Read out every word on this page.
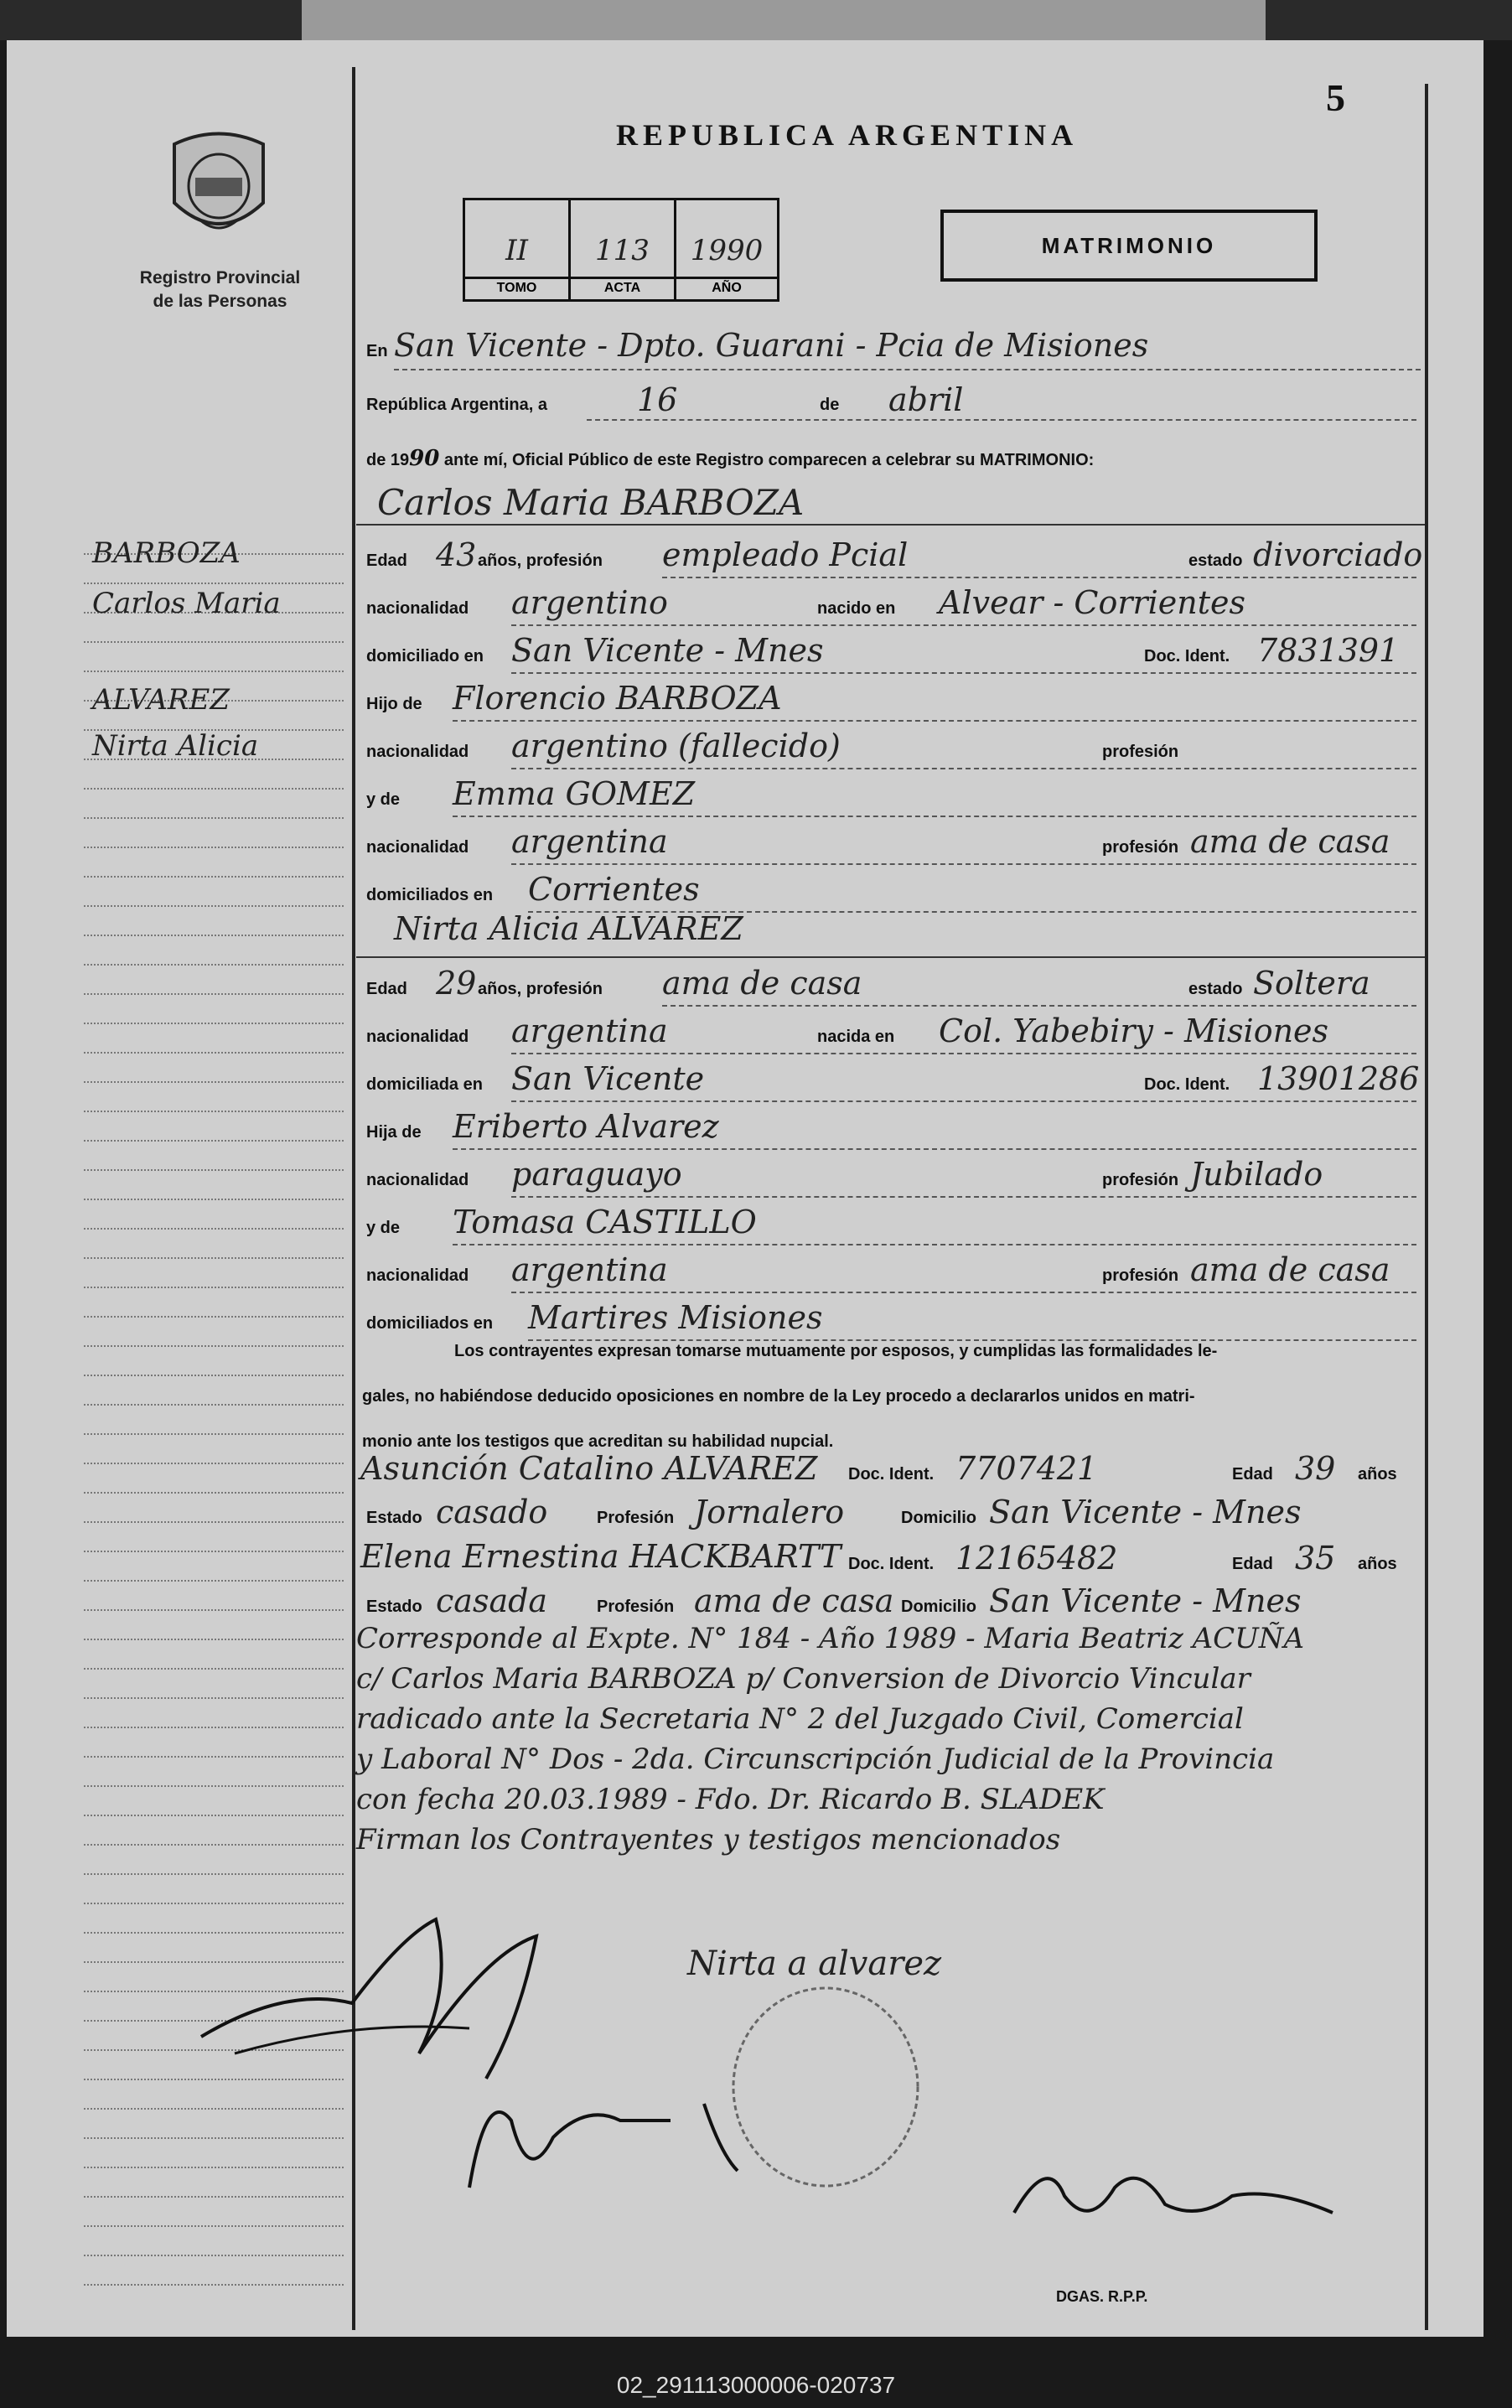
5
REPUBLICA ARGENTINA
Registro Provincial
de las Personas
II
TOMO
113
ACTA
1990
AÑO
MATRIMONIO
BARBOZA
Carlos Maria
ALVAREZ
Nirta Alicia
En San Vicente - Dpto. Guarani - Pcia de Misiones
República Argentina, a	16	de abril
de 1990 ante mí, Oficial Público de este Registro comparecen a celebrar su MATRIMONIO:
Carlos Maria BARBOZA
Edad 43 años, profesión empleado Pcial	estado divorciado
nacionalidad argentino	nacido en Alvear - Corrientes
domiciliado en San Vicente - Mnes	Doc. Ident. 7831391
Hijo de Florencio BARBOZA
nacionalidad argentino (fallecido)	profesión
y de Emma GOMEZ
nacionalidad argentina	profesión ama de casa
domiciliados en Corrientes
Nirta Alicia ALVAREZ
Edad 29 años, profesión ama de casa	estado Soltera
nacionalidad argentina	nacida en Col. Yabebiry - Misiones
domiciliada en San Vicente	Doc. Ident. 13901286
Hija de Eriberto Alvarez
nacionalidad paraguayo	profesión Jubilado
y de Tomasa CASTILLO
nacionalidad argentina	profesión ama de casa
domiciliados en Martires Misiones
Los contrayentes expresan tomarse mutuamente por esposos, y cumplidas las formalidades le-
gales, no habiéndose deducido oposiciones en nombre de la Ley procedo a declararlos unidos en matri-
monio ante los testigos que acreditan su habilidad nupcial.
Asunción Catalino ALVAREZ Doc. Ident. 7707421	Edad 39 años
Estado casado	Profesión Jornalero	Domicilio San Vicente - Mnes
Elena Ernestina HACKBARTT Doc. Ident. 12165482	Edad 35 años
Estado casada	Profesión ama de casa Domicilio San Vicente - Mnes
Corresponde al Expte. N° 184 - Año 1989 - Maria Beatriz ACUÑA
c/ Carlos Maria BARBOZA p/ Conversion de Divorcio Vincular
radicado ante la Secretaria N° 2 del Juzgado Civil, Comercial
y Laboral N° Dos - 2da. Circunscripción Judicial de la Provincia
con fecha 20.03.1989 - Fdo. Dr. Ricardo B. SLADEK
Firman los Contrayentes y testigos mencionados
Nirta a alvarez
DGAS. R.P.P.
02_291113000006-020737
